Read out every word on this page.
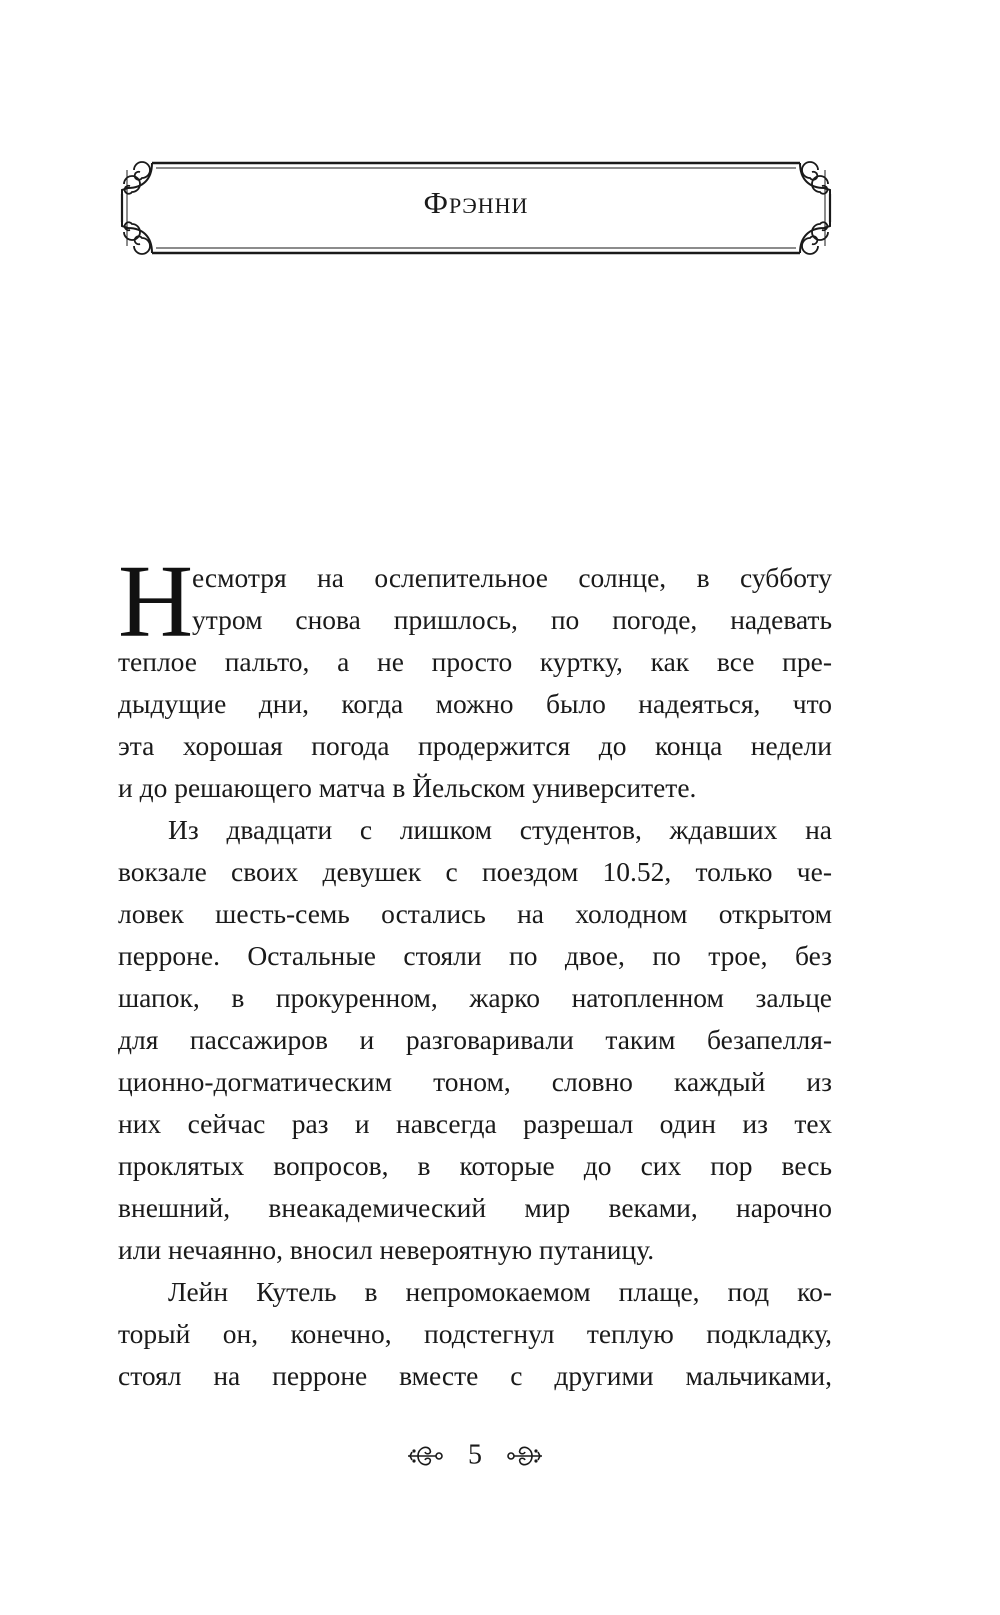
Фрэнни
Н

есмотря на ослепительное солнце, в субботу
утром снова пришлось, по погоде, надевать
теплое пальто, а не просто куртку, как все пре-
дыдущие дни, когда можно было надеяться, что
эта хорошая погода продержится до конца недели
и до решающего матча в Йельском университете.

Из двадцати с лишком студентов, ждавших на
вокзале своих девушек с поездом 10.52, только че-
ловек шесть-семь остались на холодном открытом
перроне. Остальные стояли по двое, по трое, без
шапок, в прокуренном, жарко натопленном зальце
для пассажиров и разговаривали таким безапелля-
ционно-догматическим тоном, словно каждый из
них сейчас раз и навсегда разрешал один из тех
проклятых вопросов, в которые до сих пор весь
внешний, внеакадемический мир веками, нарочно
или нечаянно, вносил невероятную путаницу.

Лейн Кутель в непромокаемом плаще, под ко-
торый он, конечно, подстегнул теплую подкладку,
стоял на перроне вместе с другими мальчиками,

5
